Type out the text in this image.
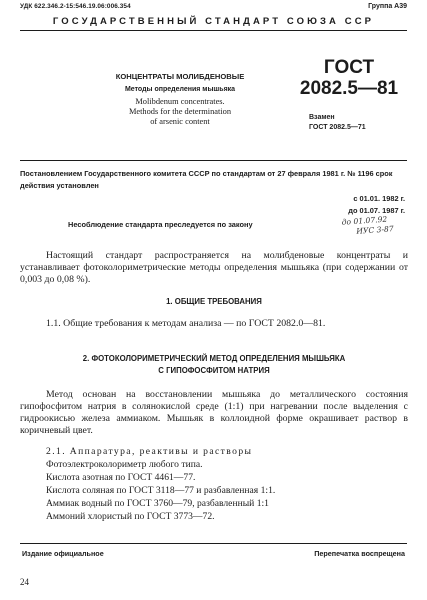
УДК 622.346.2-15:546.19.06:006.354	Группа А39
ГОСУДАРСТВЕННЫЙ СТАНДАРТ СОЮЗА ССР
КОНЦЕНТРАТЫ МОЛИБДЕНОВЫЕ
Методы определения мышьяка
Molibdenum concentrates.
Methods for the determination
of arsenic content
ГОСТ
2082.5—81
Взамен
ГОСТ 2082.5—71
Постановлением Государственного комитета СССР по стандартам от 27 февраля 1981 г. № 1196 срок действия установлен
с 01.01. 1982 г.
до 01.07. 1987 г.
Несоблюдение стандарта преследуется по закону	до 01.07.92
ИУС 3-87
Настоящий стандарт распространяется на молибденовые концентраты и устанавливает фотоколориметрические методы определения мышьяка (при содержании от 0,003 до 0,08 %).
1. ОБЩИЕ ТРЕБОВАНИЯ
1.1. Общие требования к методам анализа — по ГОСТ 2082.0—81.
2. ФОТОКОЛОРИМЕТРИЧЕСКИЙ МЕТОД ОПРЕДЕЛЕНИЯ МЫШЬЯКА
С ГИПОФОСФИТОМ НАТРИЯ
Метод основан на восстановлении мышьяка до металлического состояния гипофосфитом натрия в солянокислой среде (1:1) при нагревании после выделения с гидроокисью железа аммиаком. Мышьяк в коллоидной форме окрашивает раствор в коричневый цвет.
2.1. Аппаратура, реактивы и растворы
Фотоэлектроколориметр любого типа.
Кислота азотная по ГОСТ 4461—77.
Кислота соляная по ГОСТ 3118—77 и разбавленная 1:1.
Аммиак водный по ГОСТ 3760—79, разбавленный 1:1
Аммоний хлористый по ГОСТ 3773—72.
Издание официальное	Перепечатка воспрещена
24
